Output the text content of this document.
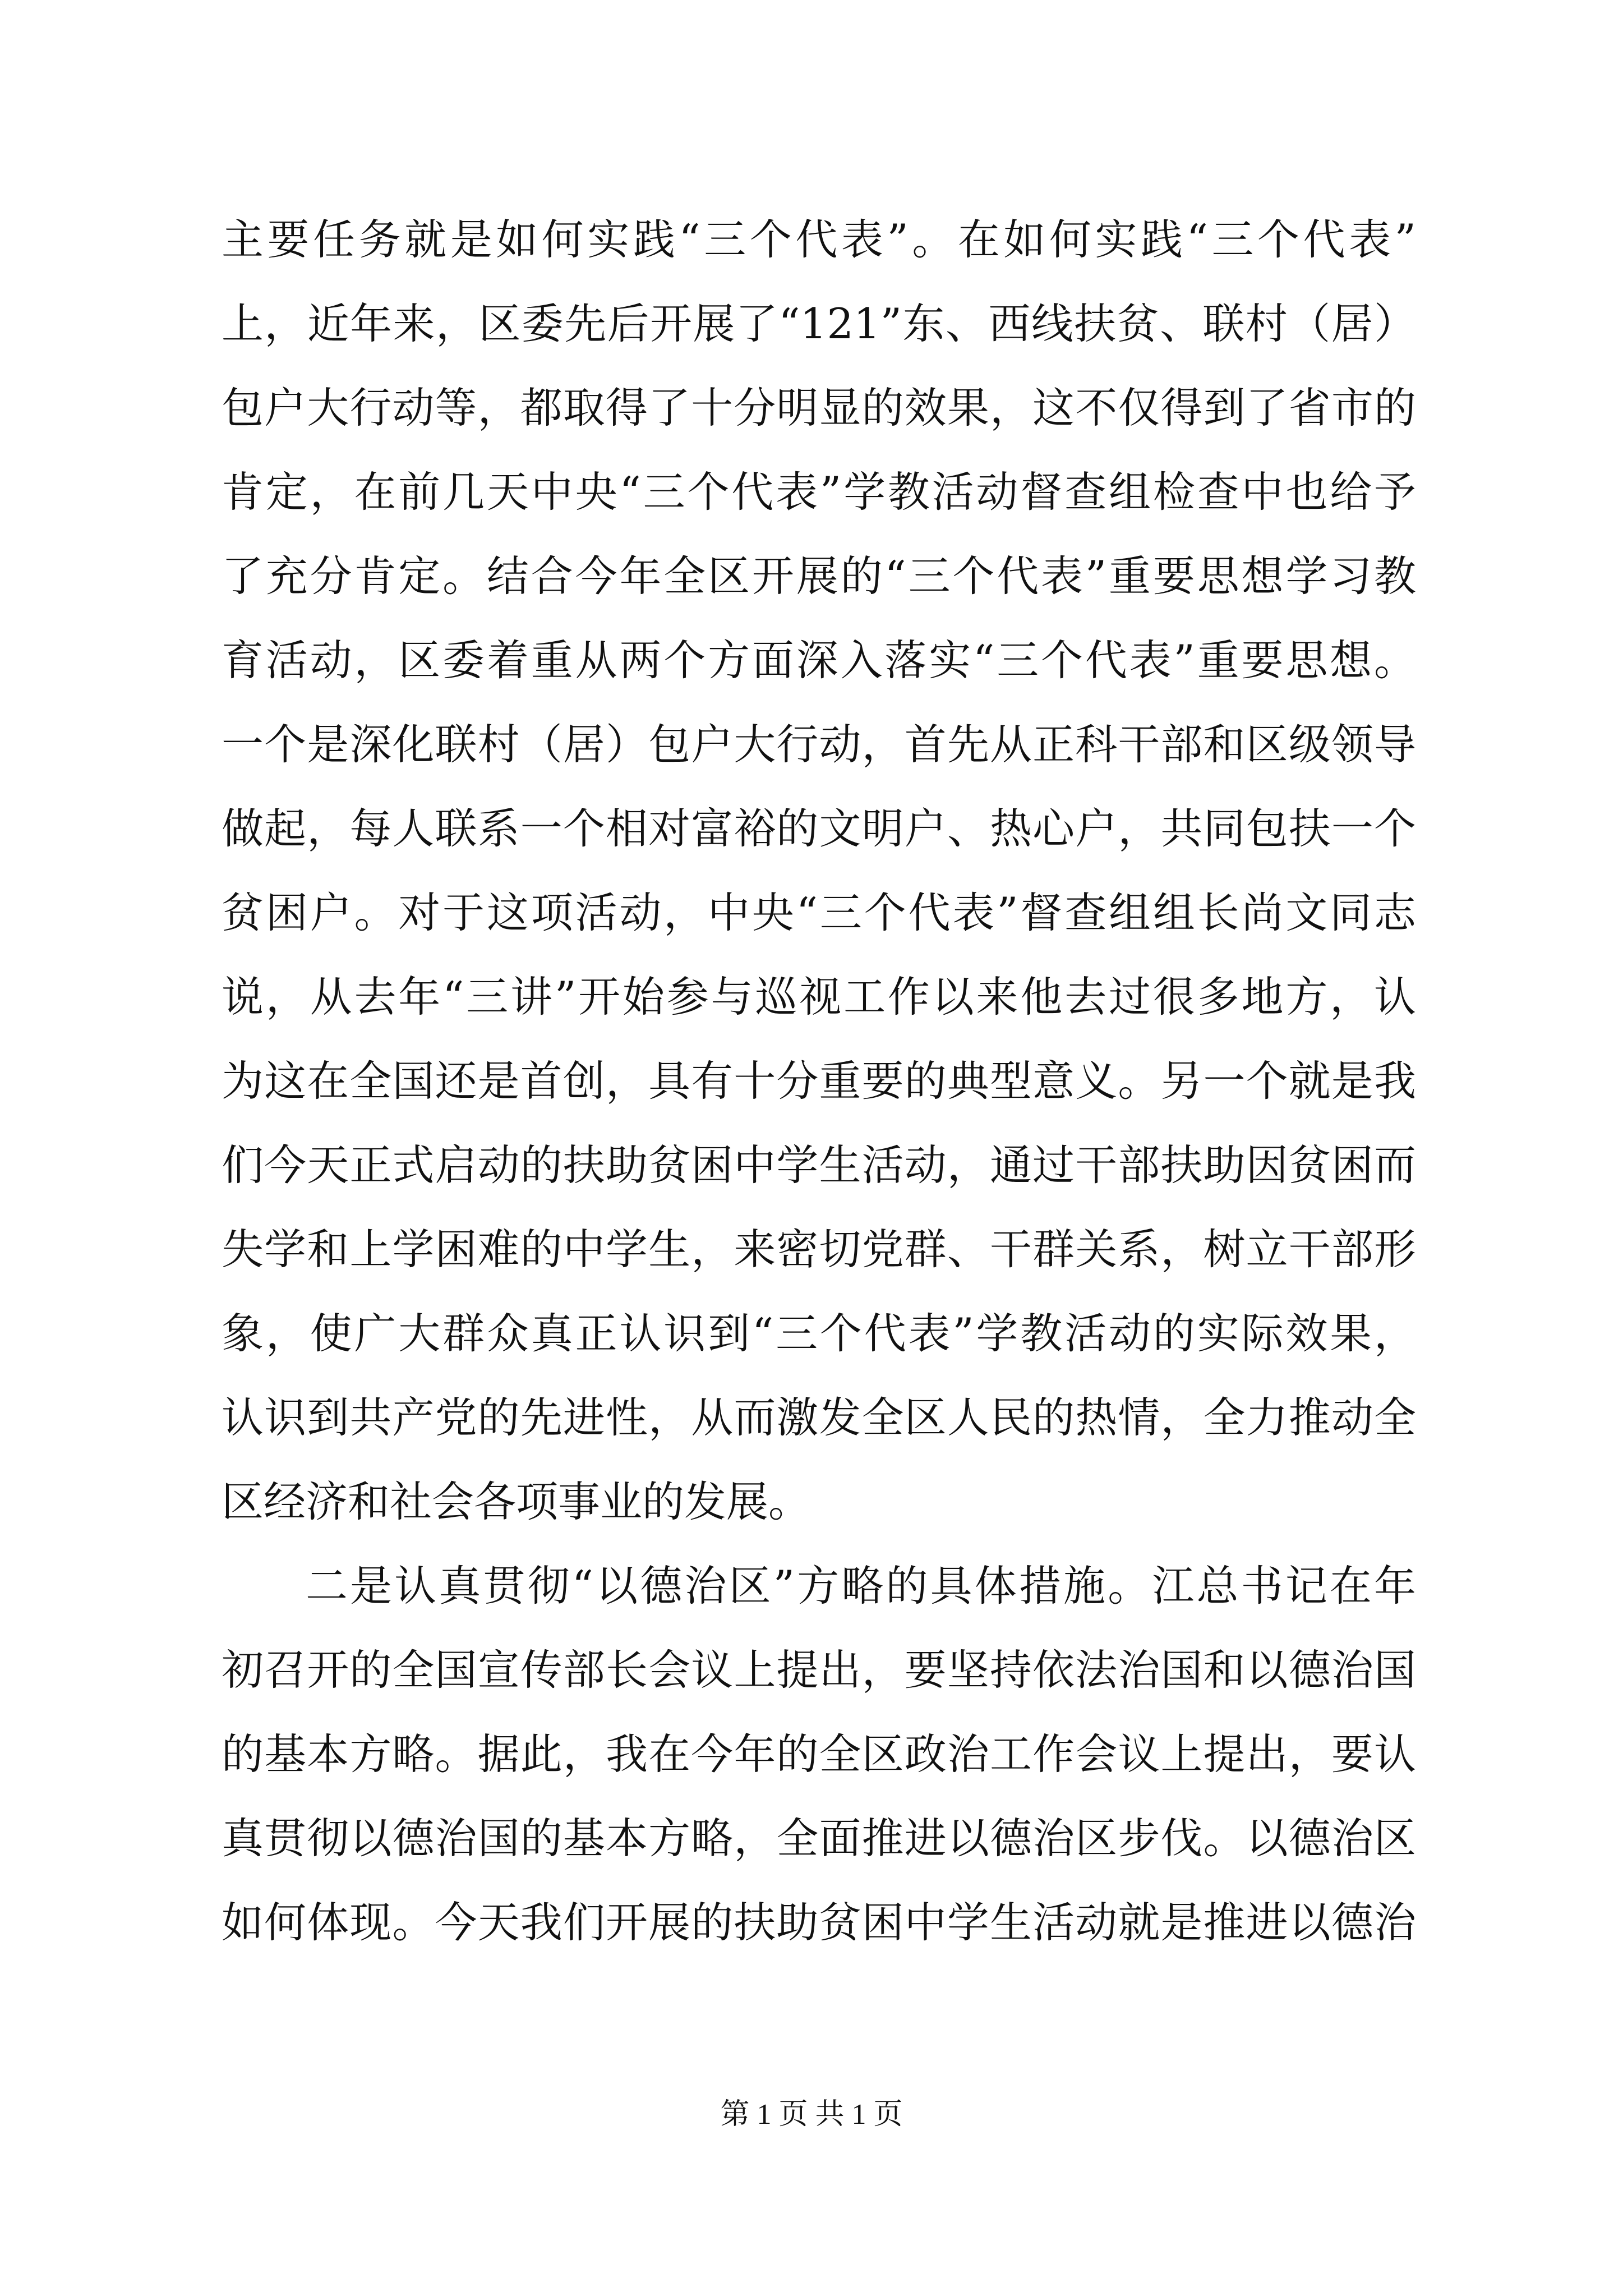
主要任务就是如何实践“三个代表”。在如何实践“三个代表”
上，近年来，区委先后开展了“121”东、西线扶贫、联村（居）
包户大行动等，都取得了十分明显的效果，这不仅得到了省市的
肯定，在前几天中央“三个代表”学教活动督查组检查中也给予
了充分肯定。结合今年全区开展的“三个代表”重要思想学习教
育活动，区委着重从两个方面深入落实“三个代表”重要思想。
一个是深化联村（居）包户大行动，首先从正科干部和区级领导
做起，每人联系一个相对富裕的文明户、热心户，共同包扶一个
贫困户。对于这项活动，中央“三个代表”督查组组长尚文同志
说，从去年“三讲”开始参与巡视工作以来他去过很多地方，认
为这在全国还是首创，具有十分重要的典型意义。另一个就是我
们今天正式启动的扶助贫困中学生活动，通过干部扶助因贫困而
失学和上学困难的中学生，来密切党群、干群关系，树立干部形
象，使广大群众真正认识到“三个代表”学教活动的实际效果，
认识到共产党的先进性，从而激发全区人民的热情，全力推动全
区经济和社会各项事业的发展。
二是认真贯彻“以德治区”方略的具体措施。江总书记在年
初召开的全国宣传部长会议上提出，要坚持依法治国和以德治国
的基本方略。据此，我在今年的全区政治工作会议上提出，要认
真贯彻以德治国的基本方略，全面推进以德治区步伐。以德治区
如何体现。今天我们开展的扶助贫困中学生活动就是推进以德治
第 1 页 共 1 页
